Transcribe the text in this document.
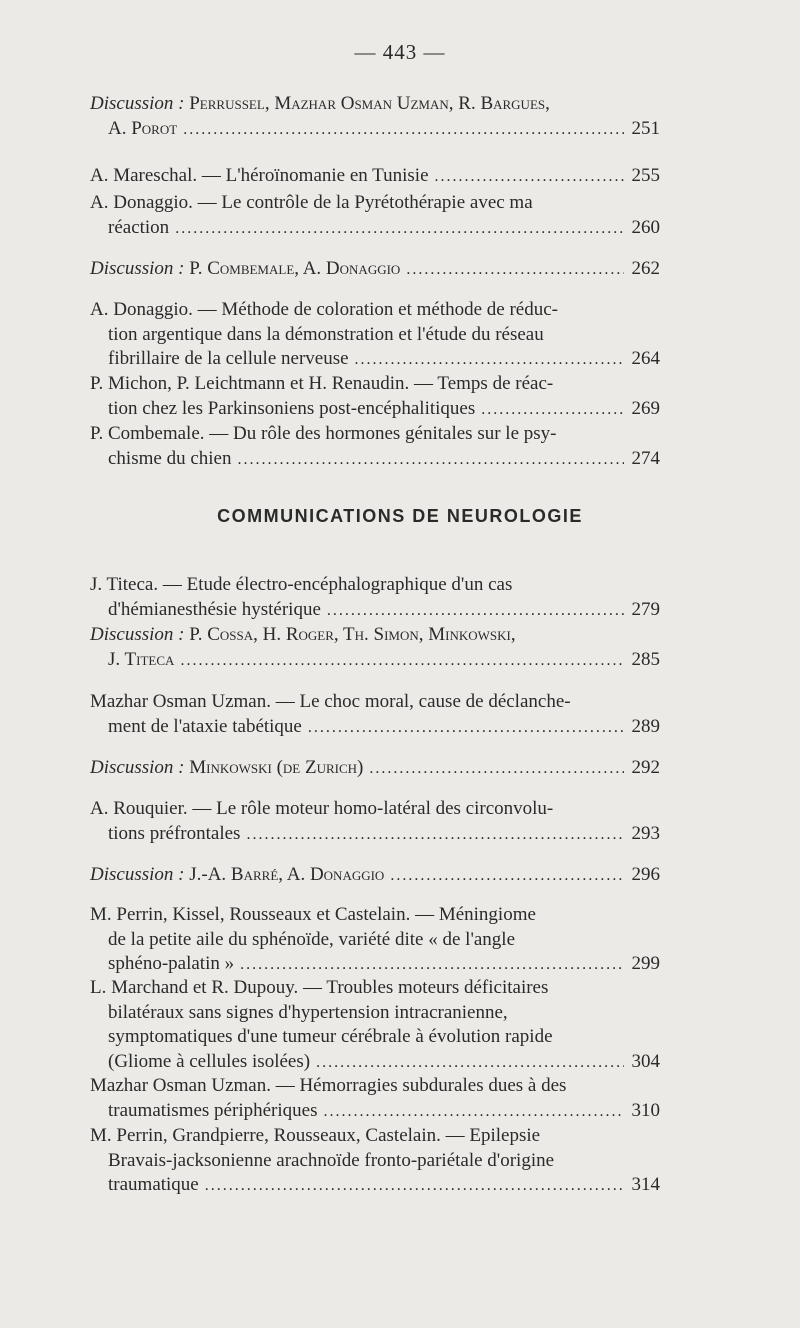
— 443 —
Discussion : Perrussel, Mazhar Osman Uzman, R. Bargues,
A. Porot .....	251
A. Mareschal. — L'héroïnomanie en Tunisie .....	255
A. Donaggio. — Le contrôle de la Pyrétothérapie avec ma
réaction .....	260
Discussion : P. Combemale, A. Donaggio .....	262
A. Donaggio. — Méthode de coloration et méthode de réduc-
tion argentique dans la démonstration et l'étude du réseau
fibrillaire de la cellule nerveuse .....	264
P. Michon, P. Leichtmann et H. Renaudin. — Temps de réac-
tion chez les Parkinsoniens post-encéphalitiques .....	269
P. Combemale. — Du rôle des hormones génitales sur le psy-
chisme du chien .....	274
COMMUNICATIONS DE NEUROLOGIE
J. Titeca. — Etude électro-encéphalographique d'un cas
d'hémianesthésie hystérique .....	279
Discussion : P. Cossa, H. Roger, Th. Simon, Minkowski,
J. Titeca .....	285
Mazhar Osman Uzman. — Le choc moral, cause de déclanche-
ment de l'ataxie tabétique .....	289
Discussion : Minkowski (de Zurich) .....	292
A. Rouquier. — Le rôle moteur homo-latéral des circonvolu-
tions préfrontales .....	293
Discussion : J.-A. Barré, A. Donaggio .....	296
M. Perrin, Kissel, Rousseaux et Castelain. — Méningiome
de la petite aile du sphénoïde, variété dite « de l'angle
sphéno-palatin » .....	299
L. Marchand et R. Dupouy. — Troubles moteurs déficitaires
bilatéraux sans signes d'hypertension intracranienne,
symptomatiques d'une tumeur cérébrale à évolution rapide
(Gliome à cellules isolées) .....	304
Mazhar Osman Uzman. — Hémorragies subdurales dues à des
traumatismes périphériques .....	310
M. Perrin, Grandpierre, Rousseaux, Castelain. — Epilepsie
Bravais-jacksonienne arachnoïde fronto-pariétale d'origine
traumatique .....	314
